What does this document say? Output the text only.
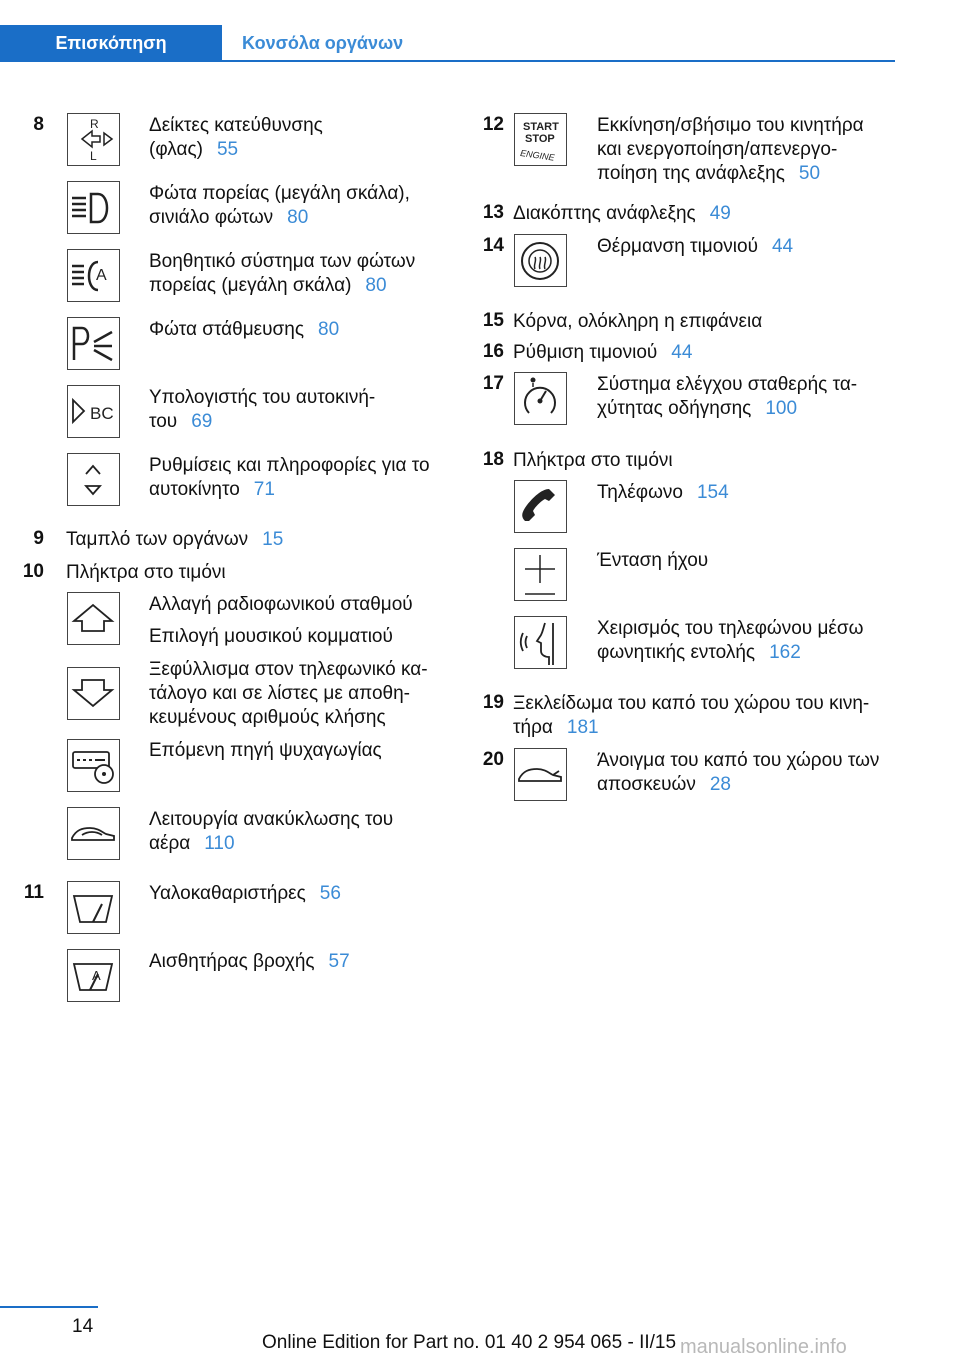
Επισκόπηση	Κονσόλα οργάνων
8	R
L
Δείκτες κατεύθυνσης
(φλας) 55
Φώτα πορείας (μεγάλη σκάλα),
σινιάλο φώτων 80
A
Βοηθητικό σύστημα των φώτων
πορείας (μεγάλη σκάλα) 80
Φώτα στάθμευσης 80
BC
Υπολογιστής του αυτοκινή-
του 69
Ρυθμίσεις και πληροφορίες για το
αυτοκίνητο 71
9 Ταμπλό των οργάνων 15
10 Πλήκτρα στο τιμόνι
Αλλαγή ραδιοφωνικού σταθμού
Επιλογή μουσικού κομματιού
Ξεφύλλισμα στον τηλεφωνικό κα-
τάλογο και σε λίστες με αποθη-
κευμένους αριθμούς κλήσης
Επόμενη πηγή ψυχαγωγίας
Λειτουργία ανακύκλωσης του
αέρα 110
11	Υαλοκαθαριστήρες 56
A
Αισθητήρας βροχής 57
12 START
STOP
ENGINE
Εκκίνηση/σβήσιμο του κινητήρα
και ενεργοποίηση/απενεργο-
ποίηση της ανάφλεξης 50
13 Διακόπτης ανάφλεξης 49
14	Θέρμανση τιμονιού 44
15 Κόρνα, ολόκληρη η επιφάνεια
16 Ρύθμιση τιμονιού 44
17	Σύστημα ελέγχου σταθερής τα-
χύτητας οδήγησης 100
18 Πλήκτρα στο τιμόνι
Τηλέφωνο 154
Ένταση ήχου
Χειρισμός του τηλεφώνου μέσω
φωνητικής εντολής 162
19 Ξεκλείδωμα του καπό του χώρου του κινη-
τήρα 181
20	Άνοιγμα του καπό του χώρου των
αποσκευών 28
14
Online Edition for Part no. 01 40 2 954 065 - II/15 manualsonline.info
